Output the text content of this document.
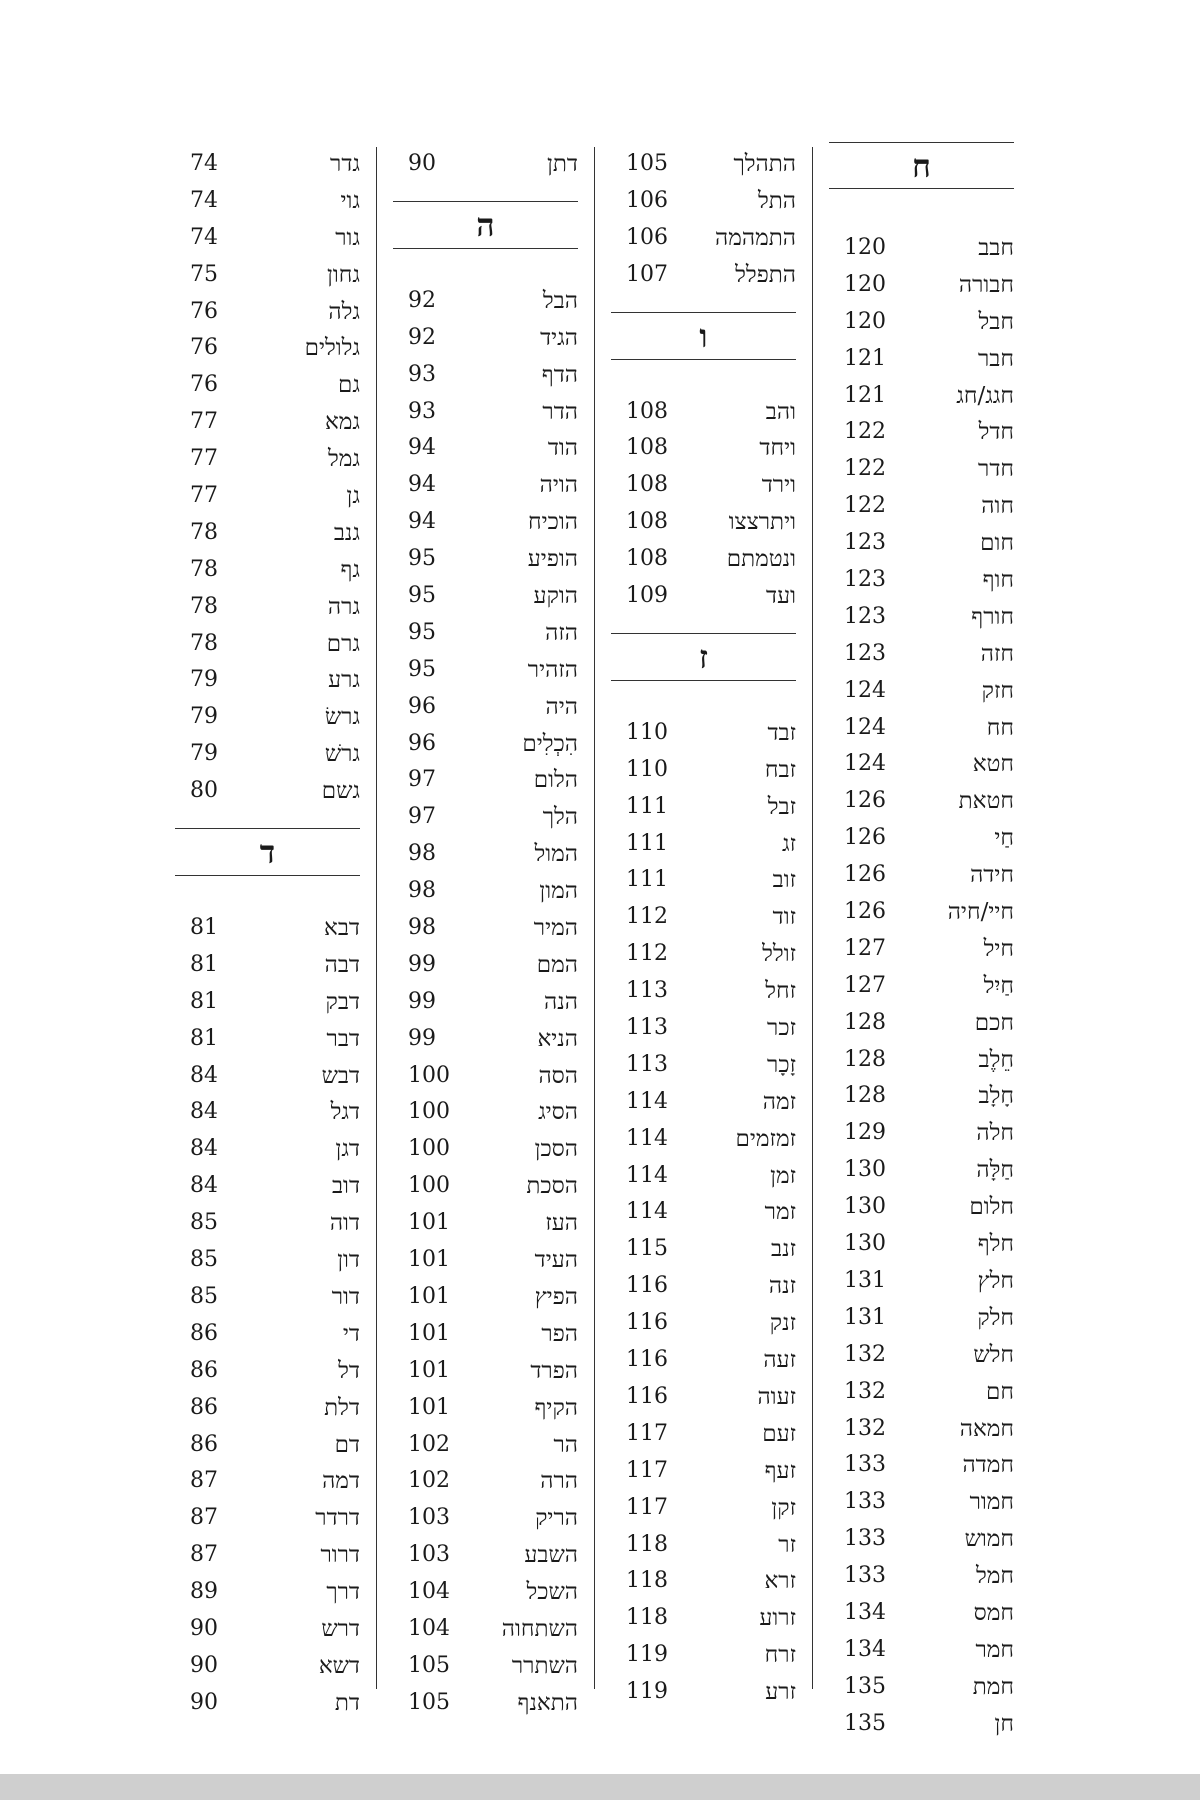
74	גדר
74	גוי
74	גור
75	גחון
76	גלה
76	גלולים
76	גם
77	גמא
77	גמל
77	גן
78	גנב
78	גף
78	גרה
78	גרם
79	גרע
79	גרשׂ
79	גרשׁ
80	גשם
ד
81	דבא
81	דבה
81	דבק
81	דבר
84	דבש
84	דגל
84	דגן
84	דוב
85	דוה
85	דון
85	דור
86	די
86	דל
86	דלת
86	דם
87	דמה
87	דרדר
87	דרור
89	דרך
90	דרש
90	דשא
90	דת
90	דתן
ה
92	הבל
92	הגיד
93	הדף
93	הדר
94	הוד
94	הויה
94	הוכיח
95	הופיע
95	הוקע
95	הזה
95	הזהיר
96	היה
96	הִכְלִים
97	הלום
97	הלך
98	המול
98	המון
98	המיר
99	המם
99	הנה
99	הניא
100	הסה
100	הסיג
100	הסכן
100	הסכת
101	העז
101	העיד
101	הפיץ
101	הפר
101	הפרד
101	הקיף
102	הר
102	הרה
103	הריק
103	השבע
104	השכל
104 השתחוה
105	השתרר
105	התאנף
105	התהלך
106	התל
106 התמהמה
107	התפלל
ו
108	והב
108	ויחד
108	וירד
108	ויתרצצו
108	ונטמתם
109	ועד
ז
110	זבד
110	זבח
111	זבל
111	זג
111	זוב
112	זוד
112	זולל
113	זחל
113	זכר
113	זָכָר
114	זמה
114	זמזמים
114	זמן
114	זמר
115	זנב
116	זנה
116	זנק
116	זעה
116	זעוה
117	זעם
117	זעף
117	זקן
118	זר
118	זרא
118	זרוע
119	זרח
119	זרע
ח
120	חבב
120	חבורה
120	חבל
121	חבר
121	חגג/חג
122	חדל
122	חדר
122	חוה
123	חום
123	חוף
123	חורף
123	חזה
124	חזק
124	חח
124	חטא
126	חטאת
126	חַי
126	חידה
126	חיי/חיה
127	חיל
127	חַיִל
128	חכם
128	חֵלֶב
128	חָלָב
129	חלה
130	חַלָּה
130	חלום
130	חלף
131	חלץ
131	חלק
132	חלש
132	חם
132	חמאה
133	חמדה
133	חמור
133	חמוש
133	חמל
134	חמס
134	חמר
135	חמת
135	חן
